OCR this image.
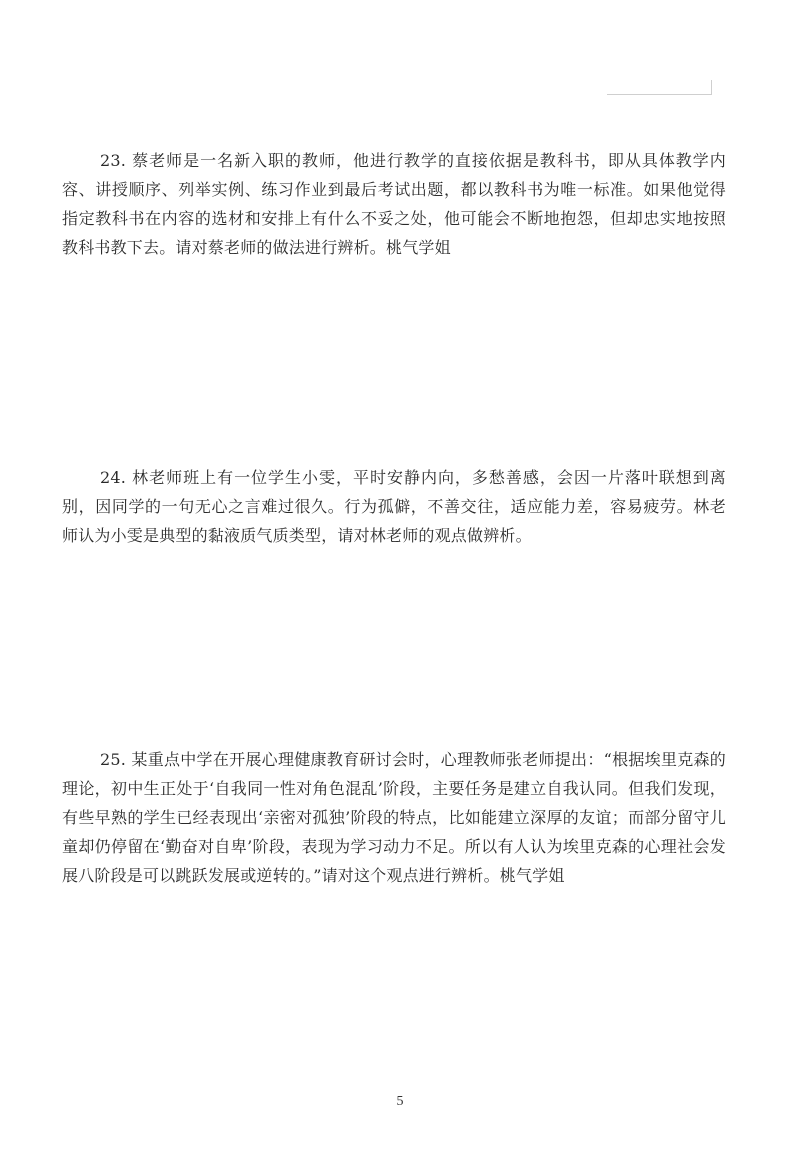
23. 蔡老师是一名新入职的教师，他进行教学的直接依据是教科书，即从具体教学内容、讲授顺序、列举实例、练习作业到最后考试出题，都以教科书为唯一标准。如果他觉得指定教科书在内容的选材和安排上有什么不妥之处，他可能会不断地抱怨，但却忠实地按照教科书教下去。请对蔡老师的做法进行辨析。桃气学姐

24. 林老师班上有一位学生小雯，平时安静内向，多愁善感，会因一片落叶联想到离别，因同学的一句无心之言难过很久。行为孤僻，不善交往，适应能力差，容易疲劳。林老师认为小雯是典型的黏液质气质类型，请对林老师的观点做辨析。

25. 某重点中学在开展心理健康教育研讨会时，心理教师张老师提出：“根据埃里克森的理论，初中生正处于‘自我同一性对角色混乱’阶段，主要任务是建立自我认同。但我们发现，有些早熟的学生已经表现出‘亲密对孤独’阶段的特点，比如能建立深厚的友谊；而部分留守儿童却仍停留在‘勤奋对自卑’阶段，表现为学习动力不足。所以有人认为埃里克森的心理社会发展八阶段是可以跳跃发展或逆转的。”请对这个观点进行辨析。桃气学姐

5
